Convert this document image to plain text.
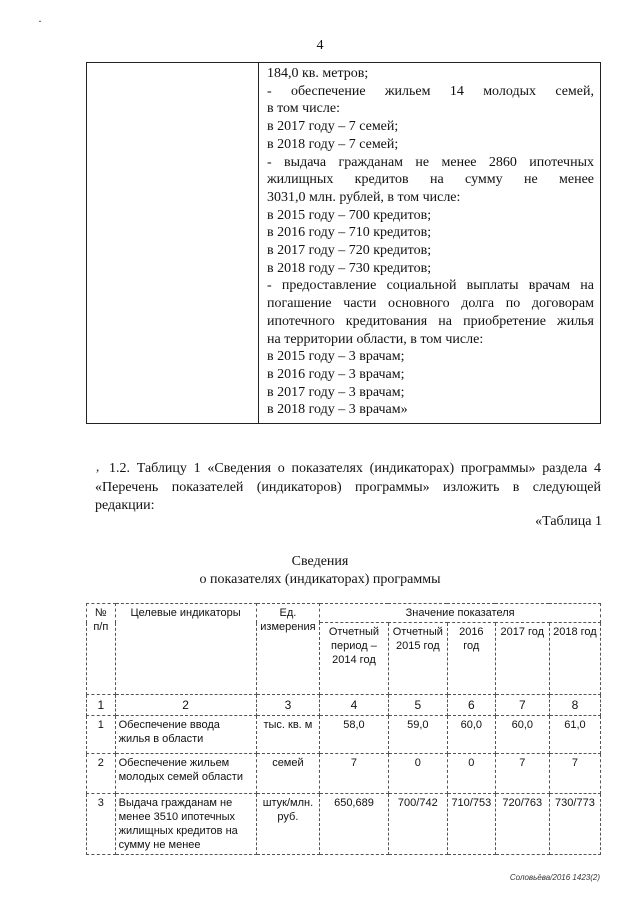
·
4
184,0 кв. метров;
- обеспечение жильем 14 молодых семей,
в том числе:
в 2017 году – 7 семей;
в 2018 году – 7 семей;
- выдача гражданам не менее 2860 ипотечных
жилищных кредитов на сумму не менее
3031,0 млн. рублей, в том числе:
в 2015 году – 700 кредитов;
в 2016 году – 710 кредитов;
в 2017 году – 720 кредитов;
в 2018 году – 730 кредитов;
- предоставление социальной выплаты врачам на
погашение части основного долга по договорам
ипотечного кредитования на приобретение жилья
на территории области, в том числе:
в 2015 году – 3 врачам;
в 2016 году – 3 врачам;
в 2017 году – 3 врачам;
в 2018 году – 3 врачам»
, 1.2. Таблицу 1 «Сведения о показателях (индикаторах) программы» раздела 4 «Перечень показателей (индикаторов) программы» изложить в следующей редакции:
«Таблица 1
Сведения
о показателях (индикаторах) программы
№ п/п	Целевые индикаторы	Ед. измерения	Значение показателя				
			Отчетный период – 2014 год	Отчетный 2015 год	2016 год	2017 год	2018 год
1	2	3	4	5	6	7	8
1	Обеспечение ввода жилья в области	тыс. кв. м	58,0	59,0	60,0	60,0	61,0
2	Обеспечение жильем молодых семей области	семей	7	0	0	7	7
3	Выдача гражданам не менее 3510 ипотечных жилищных кредитов на сумму не менее	штук/млн. руб.	650,689	700/742	710/753	720/763	730/773
Соловьёва/2016 1423(2)
